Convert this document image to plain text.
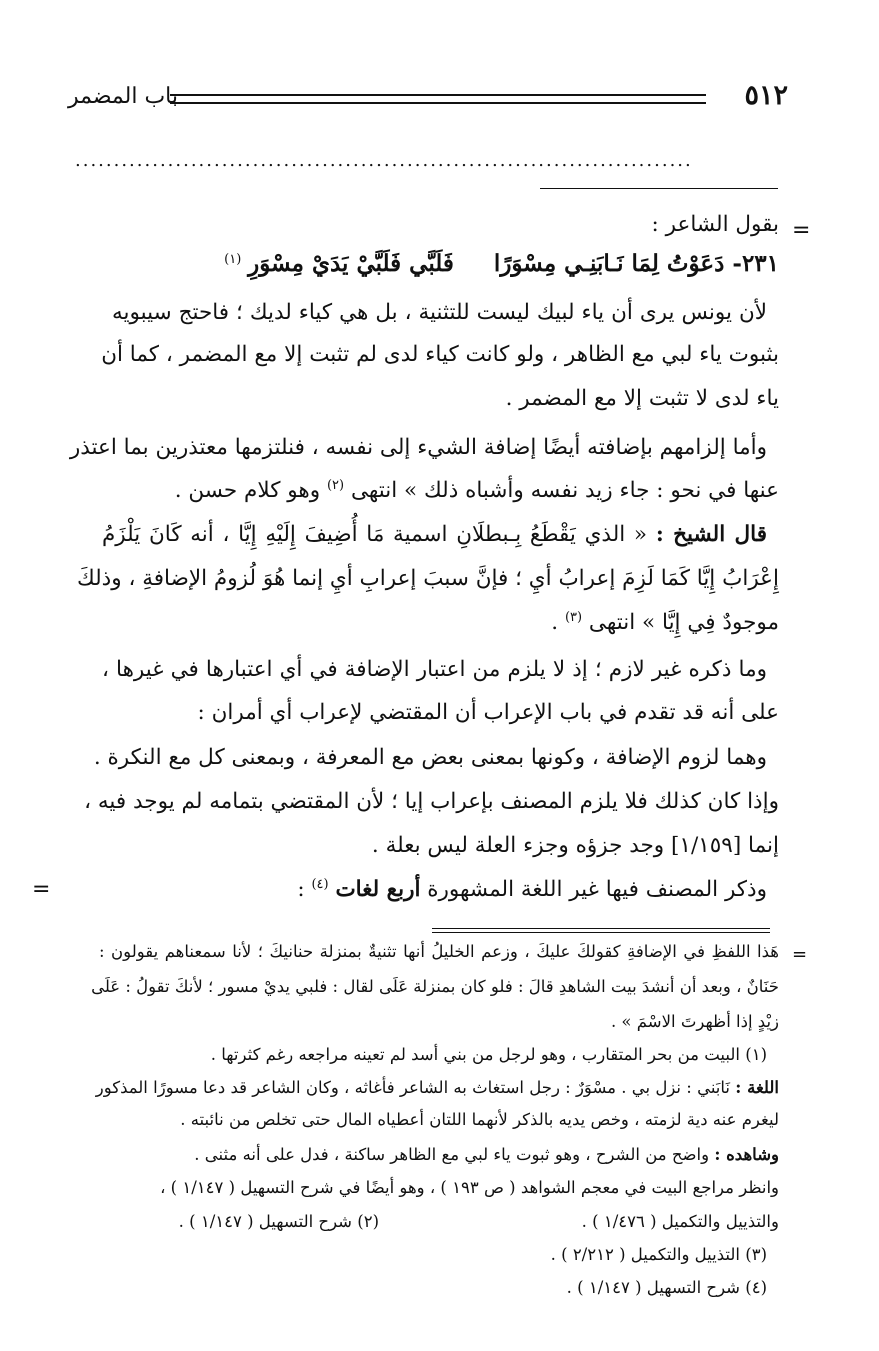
باب المضمر	٥١٢
................................................................................
=
بقول الشاعر :
٢٣١- دَعَوْتُ لِمَا نَـابَنِـي مِسْوَرًا     فَلَبَّي فَلَبَّيْ يَدَيْ مِسْوَرِ $^{(١)}$
لأن يونس يرى أن ياء لبيك ليست للتثنية ، بل هي كياء لديك ؛ فاحتج سيبويه
بثبوت ياء لبي مع الظاهر ، ولو كانت كياء لدى لم تثبت إلا مع المضمر ، كما أن
ياء لدى لا تثبت إلا مع المضمر .
وأما إلزامهم بإضافته أيضًا إضافة الشيء إلى نفسه ، فنلتزمها معتذرين بما اعتذر
عنها في نحو : جاء زيد نفسه وأشباه ذلك » انتهى $^{(٢)}$ وهو كلام حسن .
قال الشيخ : « الذي يَقْطَعُ بِـبطلَانِ اسمية مَا أُضِيفَ إِلَيْهِ إِيَّا ، أنه كَانَ يَلْزَمُ
إِعْرَابُ إِيَّا كَمَا لَزِمَ إعرابُ أيِ ؛ فإنَّ سببَ إعرابِ أيِ إنما هُوَ لُزومُ الإضافةِ ، وذلكَ
موجودٌ فِي إِيَّا » انتهى $^{(٣)}$ .
وما ذكره غير لازم ؛ إذ لا يلزم من اعتبار الإضافة في أي اعتبارها في غيرها ،
على أنه قد تقدم في باب الإعراب أن المقتضي لإعراب أي أمران :
وهما لزوم الإضافة ، وكونها بمعنى بعض مع المعرفة ، وبمعنى كل مع النكرة .
وإذا كان كذلك فلا يلزم المصنف بإعراب إيا ؛ لأن المقتضي بتمامه لم يوجد فيه ،
إنما [١/١٥٩] وجد جزؤه وجزء العلة ليس بعلة .
=	وذكر المصنف فيها غير اللغة المشهورة أربع لغات $^{(٤)}$ :
=
هَذا اللفظِ في الإضافةِ كقولكَ عليكَ ، وزعم الخليلُ أنها تثنيةٌ بمنزلة حنانيكَ ؛ لأنا سمعناهم يقولون :
حَنَانٌ ، وبعد أن أنشدَ بيت الشاهدِ قالَ : فلو كان بمنزلة عَلَى لقال : فلبي يديْ مسور ؛ لأنكَ تقولُ : عَلَى
زيْدٍ إذا أظهرتَ الاسْمَ » .
(١) البيت من بحر المتقارب ، وهو لرجل من بني أسد لم تعينه مراجعه رغم كثرتها .
اللغة : نَابَني : نزل بي . مسْوَرٌ : رجل استغاث به الشاعر فأغاثه ، وكان الشاعر قد دعا مسورًا المذكور
ليغرم عنه دية لزمته ، وخص يديه بالذكر لأنهما اللتان أعطياه المال حتى تخلص من نائبته .
وشاهده : واضح من الشرح ، وهو ثبوت ياء لبي مع الظاهر ساكنة ، فدل على أنه مثنى .
وانظر مراجع البيت في معجم الشواهد ( ص ١٩٣ ) ، وهو أيضًا في شرح التسهيل ( ١/١٤٧ ) ،
والتذييل والتكميل ( ١/٤٧٦ ) .
(٢) شرح التسهيل ( ١/١٤٧ ) .
(٣) التذييل والتكميل ( ٢/٢١٢ ) .
(٤) شرح التسهيل ( ١/١٤٧ ) .
